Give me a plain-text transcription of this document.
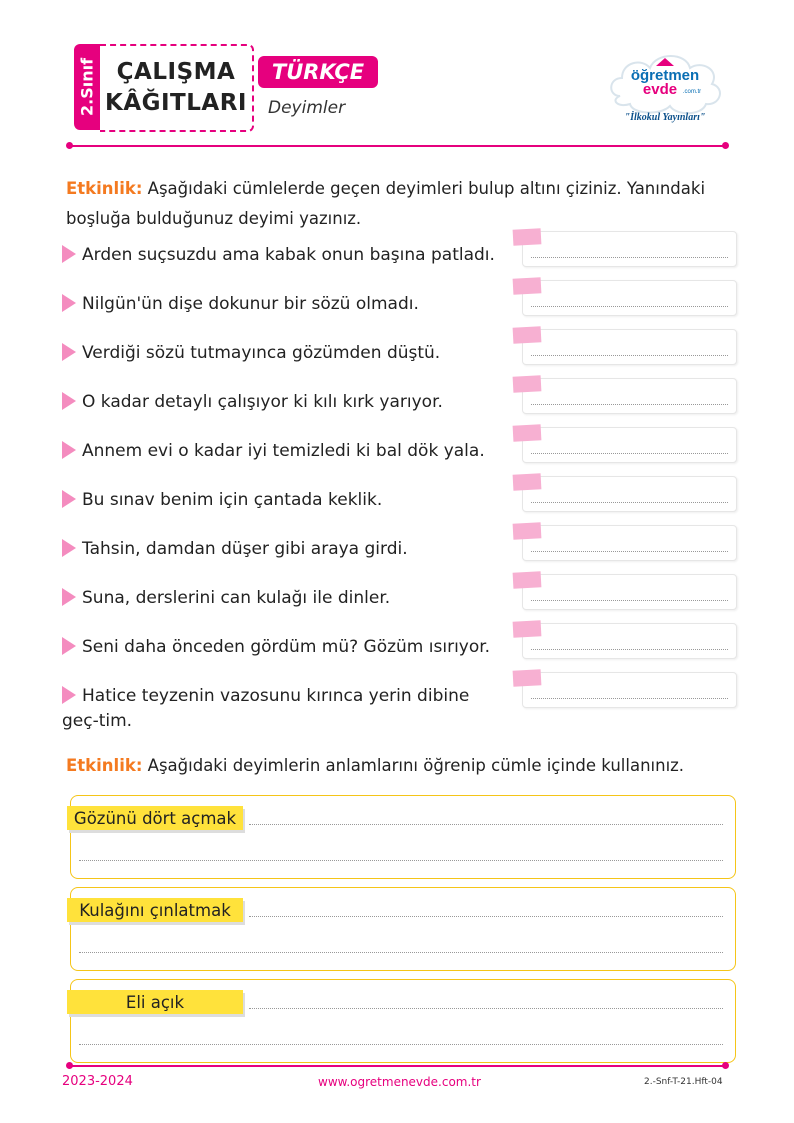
2.Sınıf ÇALIŞMA
KÂĞITLARI
TÜRKÇE
Deyimler
öğretmen
evde .com.tr
"İlkokul Yayınları"
Etkinlik: Aşağıdaki cümlelerde geçen deyimleri bulup altını çiziniz. Yanındaki boşluğa bulduğunuz deyimi yazınız.
Arden suçsuzdu ama kabak onun başına patladı.
Nilgün'ün dişe dokunur bir sözü olmadı.
Verdiği sözü tutmayınca gözümden düştü.
O kadar detaylı çalışıyor ki kılı kırk yarıyor.
Annem evi o kadar iyi temizledi ki bal dök yala.
Bu sınav benim için çantada keklik.
Tahsin, damdan düşer gibi araya girdi.
Suna, derslerini can kulağı ile dinler.
Seni daha önceden gördüm mü? Gözüm ısırıyor.
Hatice teyzenin vazosunu kırınca yerin dibine geç-tim.
Etkinlik: Aşağıdaki deyimlerin anlamlarını öğrenip cümle içinde kullanınız.
Gözünü dört açmak
Kulağını çınlatmak
Eli açık
2023-2024	www.ogretmenevde.com.tr	2.-Snf-T-21.Hft-04
